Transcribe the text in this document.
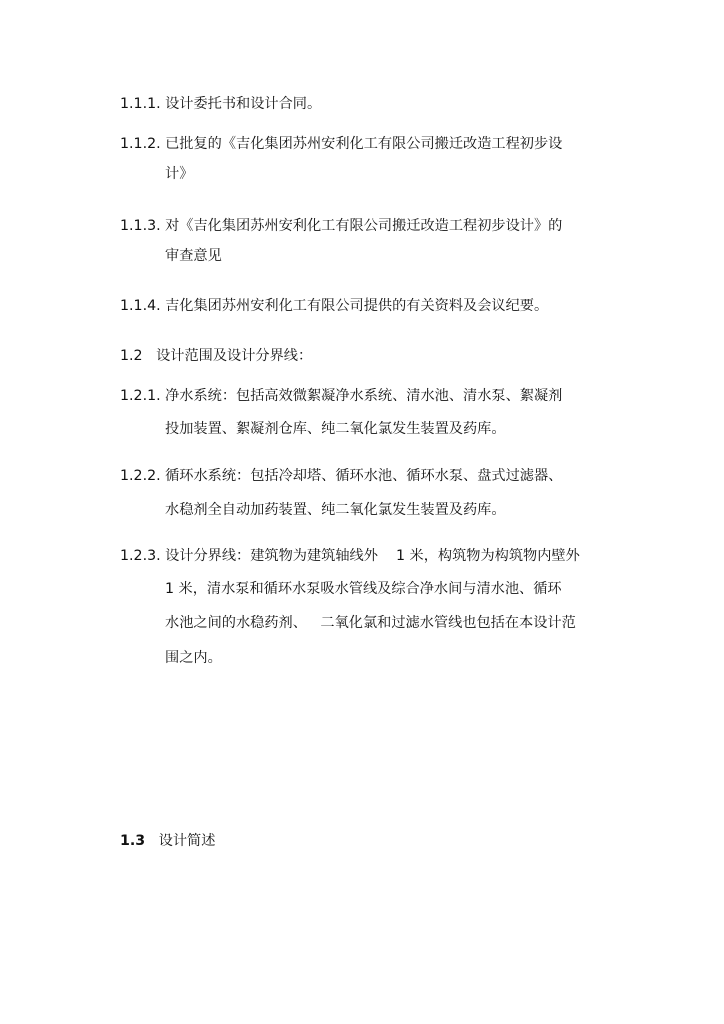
1.1.1. 设计委托书和设计合同。
1.1.2. 已批复的《吉化集团苏州安利化工有限公司搬迁改造工程初步设
计》
1.1.3. 对《吉化集团苏州安利化工有限公司搬迁改造工程初步设计》的
审查意见
1.1.4. 吉化集团苏州安利化工有限公司提供的有关资料及会议纪要。
1.2   设计范围及设计分界线：
1.2.1. 净水系统：包括高效微絮凝净水系统、清水池、清水泵、絮凝剂
投加装置、絮凝剂仓库、纯二氧化氯发生装置及药库。
1.2.2. 循环水系统：包括冷却塔、循环水池、循环水泵、盘式过滤器、
水稳剂全自动加药装置、纯二氧化氯发生装置及药库。
1.2.3. 设计分界线：建筑物为建筑轴线外    1 米，构筑物为构筑物内壁外
1 米，清水泵和循环水泵吸水管线及综合净水间与清水池、循环
水池之间的水稳药剂、   二氧化氯和过滤水管线也包括在本设计范
围之内。
1.3 设计简述
